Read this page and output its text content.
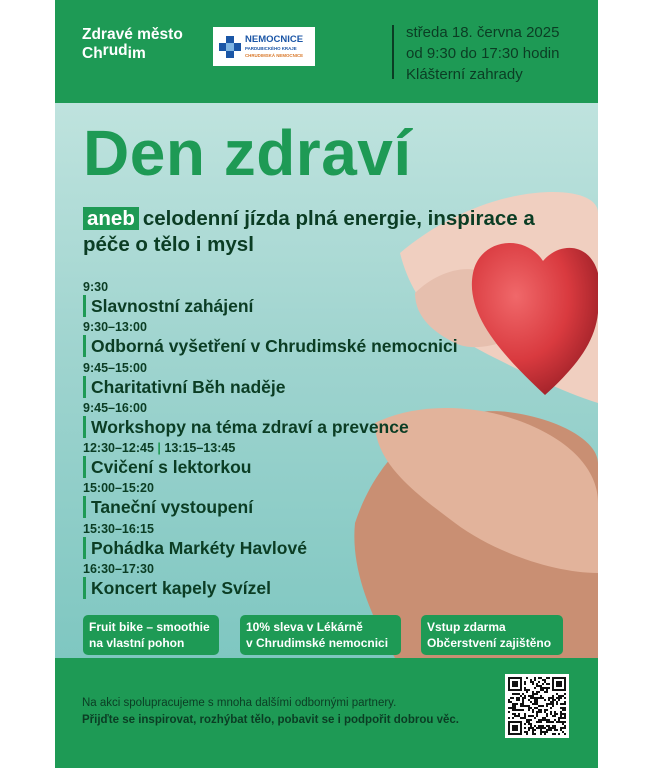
Zdravé město
Chrudim
NEMOCNICE
PARDUBICKÉHO KRAJE
CHRUDIMSKÁ NEMOCNICE
středa 18. června 2025
od 9:30 do 17:30 hodin
Klášterní zahrady
Den zdraví
aneb celodenní jízda plná energie, inspirace a péče o tělo i mysl
9:30
Slavnostní zahájení
9:30–13:00
Odborná vyšetření v Chrudimské nemocnici
9:45–15:00
Charitativní Běh naděje
9:45–16:00
Workshopy na téma zdraví a prevence
12:30–12:45 | 13:15–13:45
Cvičení s lektorkou
15:00–15:20
Taneční vystoupení
15:30–16:15
Pohádka Markéty Havlové
16:30–17:30
Koncert kapely Svízel
Fruit bike – smoothie
na vlastní pohon
10% sleva v Lékárně
v Chrudimské nemocnici
Vstup zdarma
Občerstvení zajištěno
Na akci spolupracujeme s mnoha dalšími odbornými partnery.
Přijďte se inspirovat, rozhýbat tělo, pobavit se i podpořit dobrou věc.
